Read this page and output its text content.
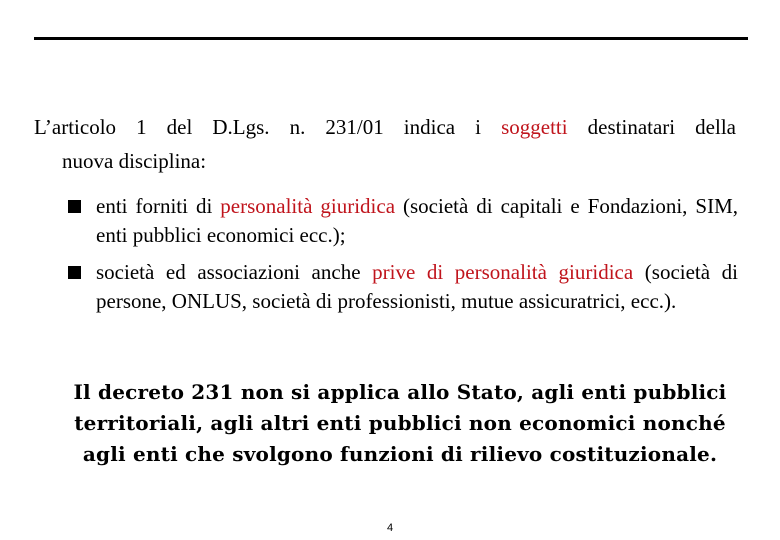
L’articolo 1 del D.Lgs. n. 231/01 indica i soggetti destinatari della
nuova disciplina:
enti forniti di personalità giuridica (società di capitali e Fondazioni, SIM, enti pubblici economici ecc.);
società ed associazioni anche prive di personalità giuridica (società di persone, ONLUS, società di professionisti, mutue assicuratrici, ecc.).
Il decreto 231 non si applica allo Stato, agli enti pubblici territoriali, agli altri enti pubblici non economici nonché agli enti che svolgono funzioni di rilievo costituzionale.
4
